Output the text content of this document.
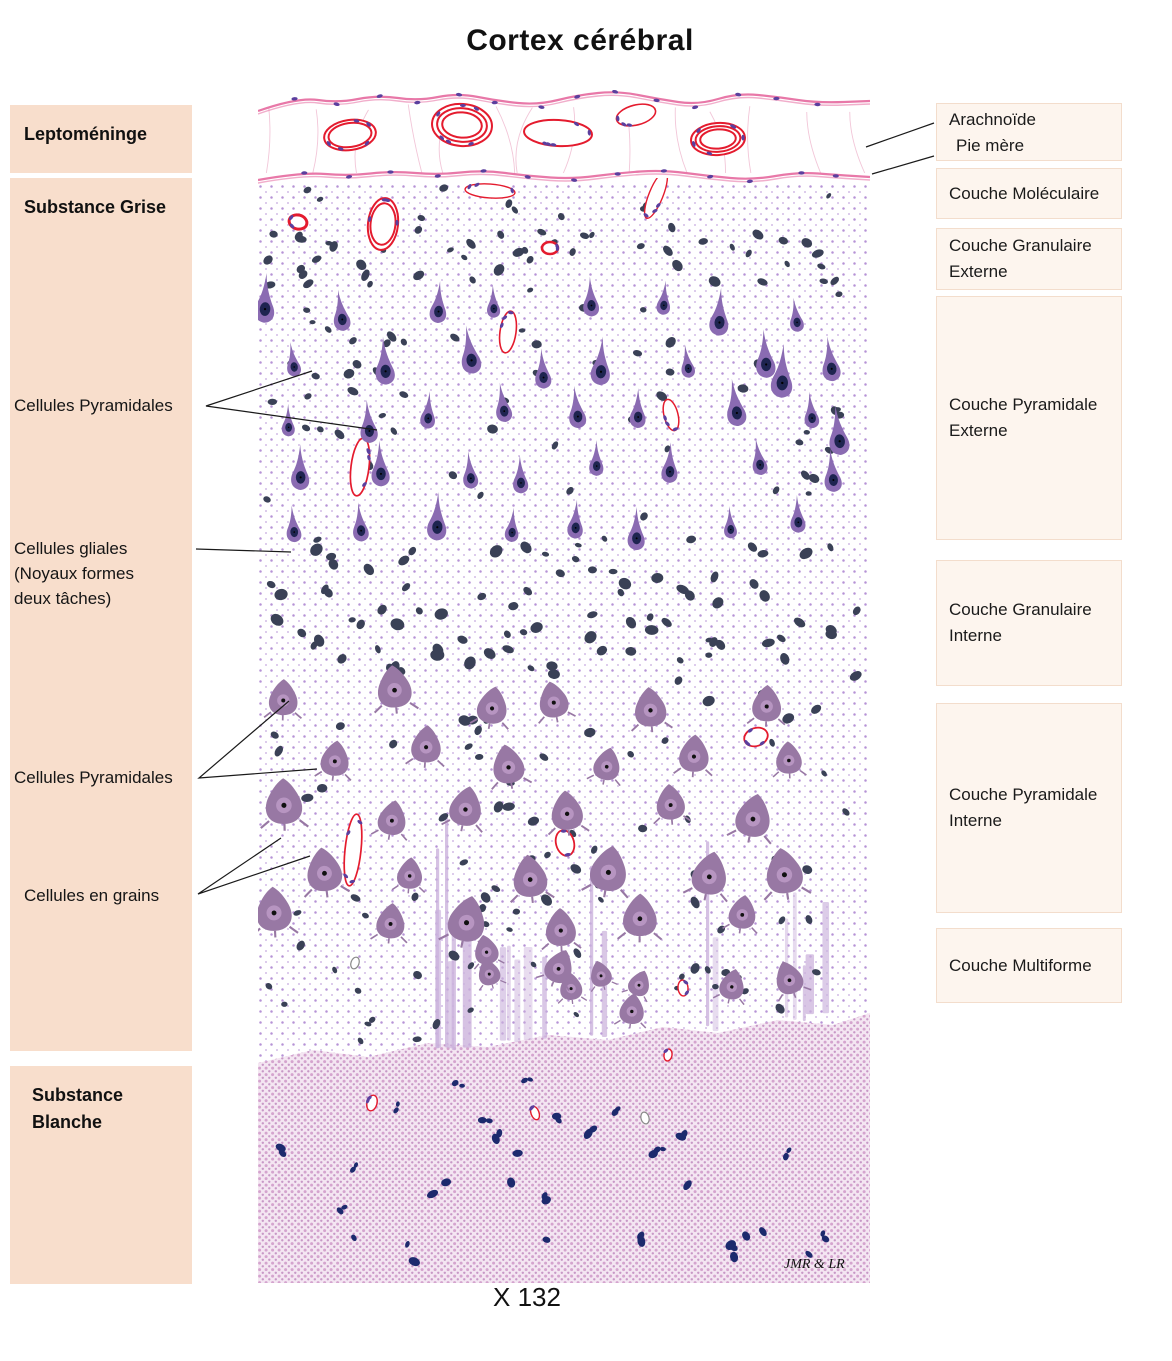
Cortex cérébral
Leptoméninge
Substance Grise
Cellules Pyramidales
Cellules gliales
(Noyaux formes
deux tâches)
Cellules Pyramidales
Cellules en grains
Substance Blanche
Arachnoïde
Pie mère
Couche Moléculaire
Couche Granulaire Externe
Couche Pyramidale Externe
Couche Granulaire Interne
Couche Pyramidale Interne
Couche Multiforme
X 132
JMR & LR
